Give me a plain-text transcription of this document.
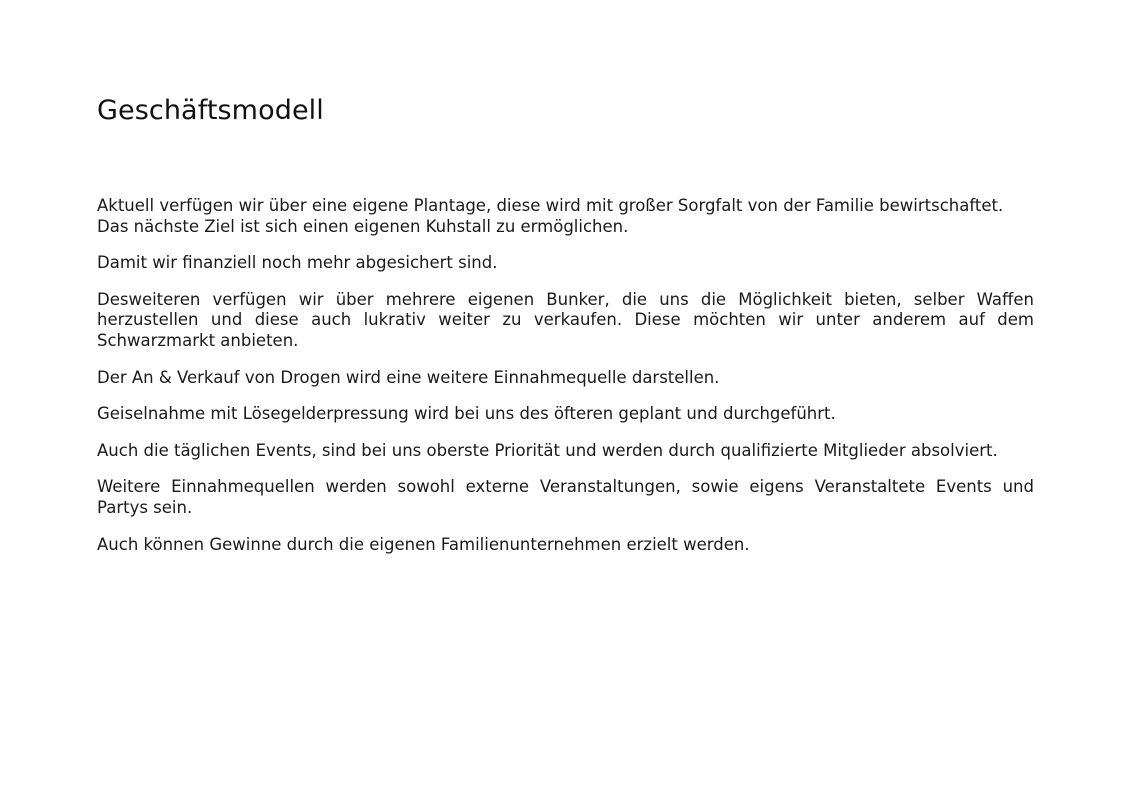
Geschäftsmodell

Aktuell verfügen wir über eine eigene Plantage, diese wird mit großer Sorgfalt von der Familie bewirtschaftet.
Das nächste Ziel ist sich einen eigenen Kuhstall zu ermöglichen.

Damit wir finanziell noch mehr abgesichert sind.

Desweiteren verfügen wir über mehrere eigenen Bunker, die uns die Möglichkeit bieten, selber Waffen herzustellen und diese auch lukrativ weiter zu verkaufen. Diese möchten wir unter anderem auf dem Schwarzmarkt anbieten.

Der An & Verkauf von Drogen wird eine weitere Einnahmequelle darstellen.

Geiselnahme mit Lösegelderpressung wird bei uns des öfteren geplant und durchgeführt.

Auch die täglichen Events, sind bei uns oberste Priorität und werden durch qualifizierte Mitglieder absolviert.

Weitere Einnahmequellen werden sowohl externe Veranstaltungen, sowie eigens Veranstaltete Events und Partys sein.

Auch können Gewinne durch die eigenen Familienunternehmen erzielt werden.
